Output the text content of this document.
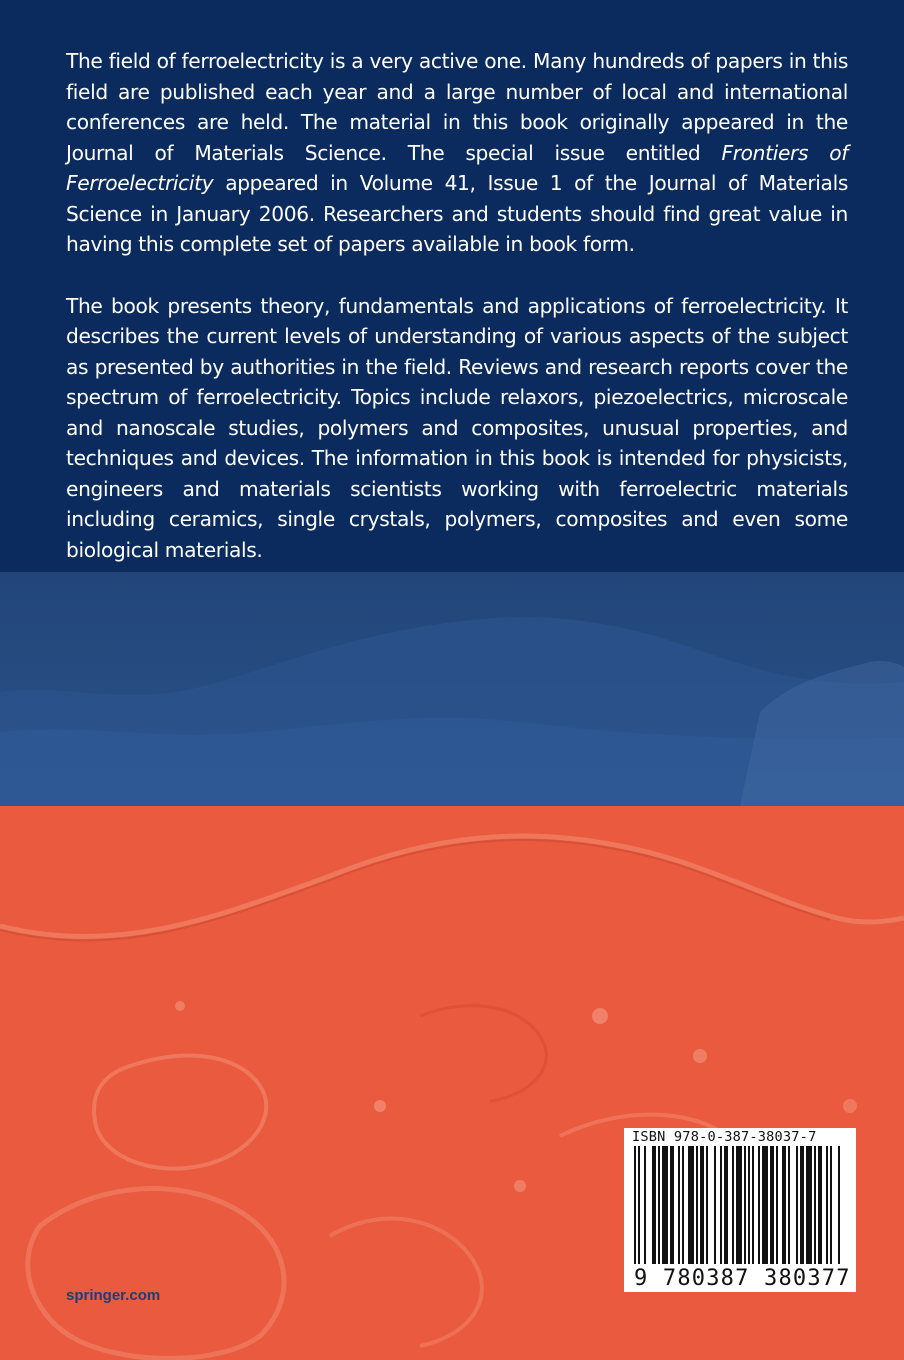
The field of ferroelectricity is a very active one. Many hundreds of papers in this field are published each year and a large number of local and international conferences are held. The material in this book originally appeared in the Journal of Materials Science. The special issue entitled Frontiers of Ferroelectricity appeared in Volume 41, Issue 1 of the Journal of Materials Science in January 2006. Researchers and students should find great value in having this complete set of papers available in book form.

The book presents theory, fundamentals and applications of ferroelectricity. It describes the current levels of understanding of various aspects of the subject as presented by authorities in the field. Reviews and research reports cover the spectrum of ferroelectricity. Topics include relaxors, piezoelectrics, microscale and nanoscale studies, polymers and composites, unusual properties, and techniques and devices. The information in this book is intended for physicists, engineers and materials scientists working with ferroelectric materials including ceramics, single crystals, polymers, composites and even some biological materials.

springer.com
ISBN 978-0-387-38037-7
9 780387 380377
